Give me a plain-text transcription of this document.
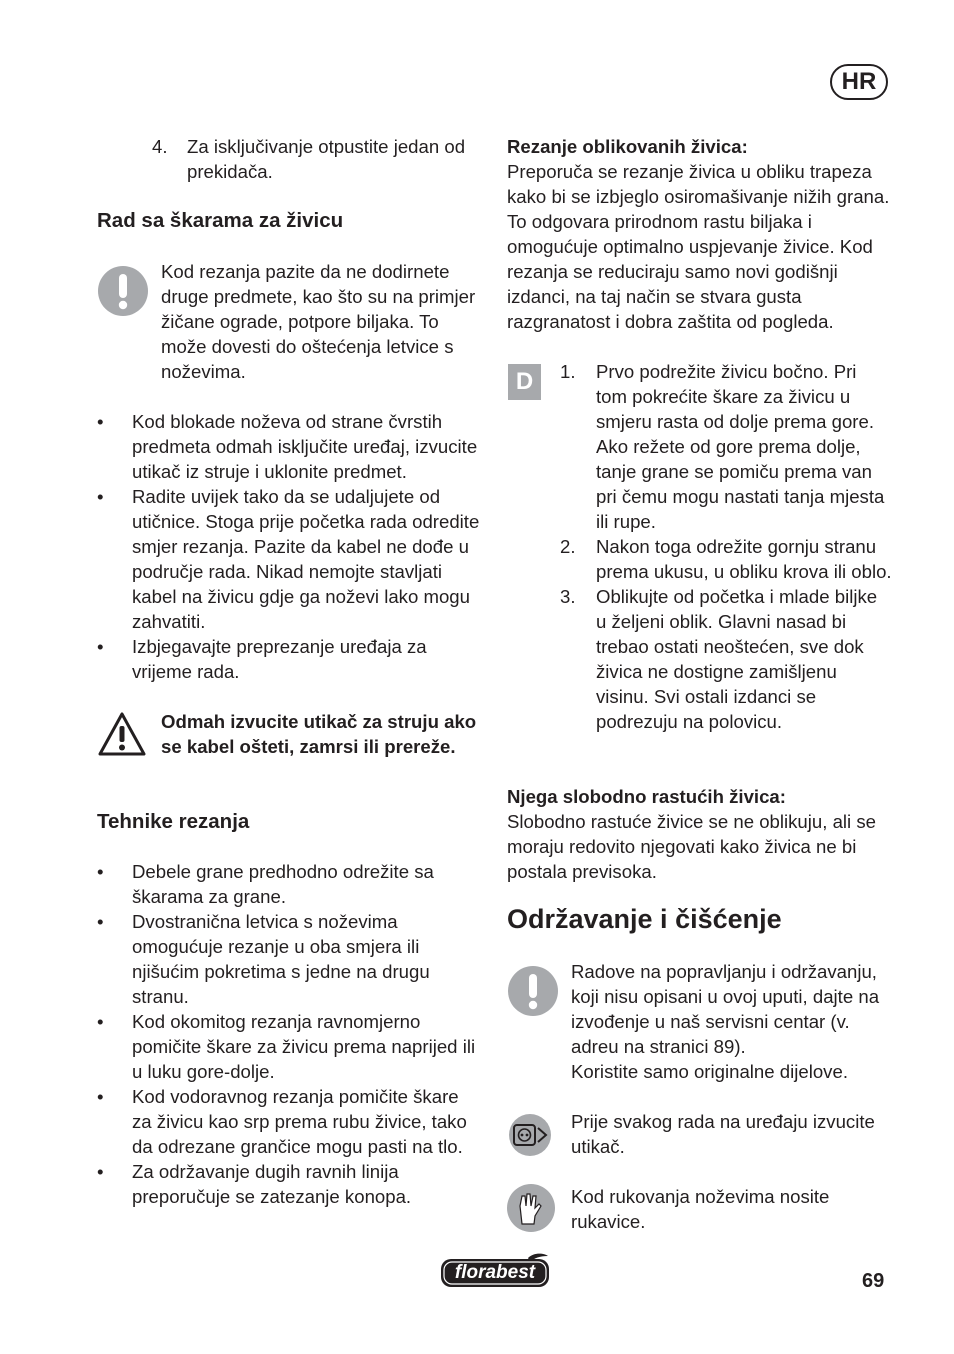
HR
4. Za isključivanje otpustite jedan od prekidača.
Rad sa škarama za živicu

Kod rezanja pazite da ne dodirnete druge predmete, kao što su na primjer žičane ograde, potpore biljaka. To može dovesti do oštećenja letvice s noževima.

• Kod blokade noževa od strane čvrstih predmeta odmah isključite uređaj, izvucite utikač iz struje i uklonite predmet.
• Radite uvijek tako da se udaljujete od utičnice. Stoga prije početka rada odredite smjer rezanja. Pazite da kabel ne dođe u područje rada. Nikad nemojte stavljati kabel na živicu gdje ga noževi lako mogu zahvatiti.
• Izbjegavajte preprezanje uređaja za vrijeme rada.

Odmah izvucite utikač za struju ako se kabel ošteti, zamrsi ili prereže.

Tehnike rezanja
• Debele grane predhodno odrežite sa škarama za grane.
• Dvostranična letvica s noževima omogućuje rezanje u oba smjera ili njišućim pokretima s jedne na drugu stranu.
• Kod okomitog rezanja ravnomjerno pomičite škare za živicu prema naprijed ili u luku gore-dolje.
• Kod vodoravnog rezanja pomičite škare za živicu kao srp prema rubu živice, tako da odrezane grančice mogu pasti na tlo.
• Za održavanje dugih ravnih linija preporučuje se zatezanje konopa.

Rezanje oblikovanih živica:

Preporuča se rezanje živica u obliku trapeza kako bi se izbjeglo osiromašivanje nižih grana. To odgovara prirodnom rastu biljaka i omogućuje optimalno uspjevanje živice. Kod rezanja se reduciraju samo novi godišnji izdanci, na taj način se stvara gusta razgranatost i dobra zaštita od pogleda.

D	1. Prvo podrežite živicu bočno. Pri tom pokrećite škare za živicu u smjeru rasta od dolje prema gore. Ako režete od gore prema dolje, tanje grane se pomiču prema van pri čemu mogu nastati tanja mjesta ili rupe.
2. Nakon toga odrežite gornju stranu prema ukusu, u obliku krova ili oblo.
3. Oblikujte od početka i mlade biljke u željeni oblik. Glavni nasad bi trebao ostati neoštećen, sve dok živica ne dostigne zamišljenu visinu. Svi ostali izdanci se podrezuju na polovicu.

Njega slobodno rastućih živica:

Slobodno rastuće živice se ne oblikuju, ali se moraju redovito njegovati kako živica ne bi postala previsoka.

Održavanje i čišćenje

Radove na popravljanju i održavanju, koji nisu opisani u ovoj uputi, dajte na izvođenje u naš servisni centar (v. adreu na stranici 89).

Koristite samo originalne dijelove.

Prije svakog rada na uređaju izvucite utikač.

Kod rukovanja noževima nosite rukavice.

florabest	69
